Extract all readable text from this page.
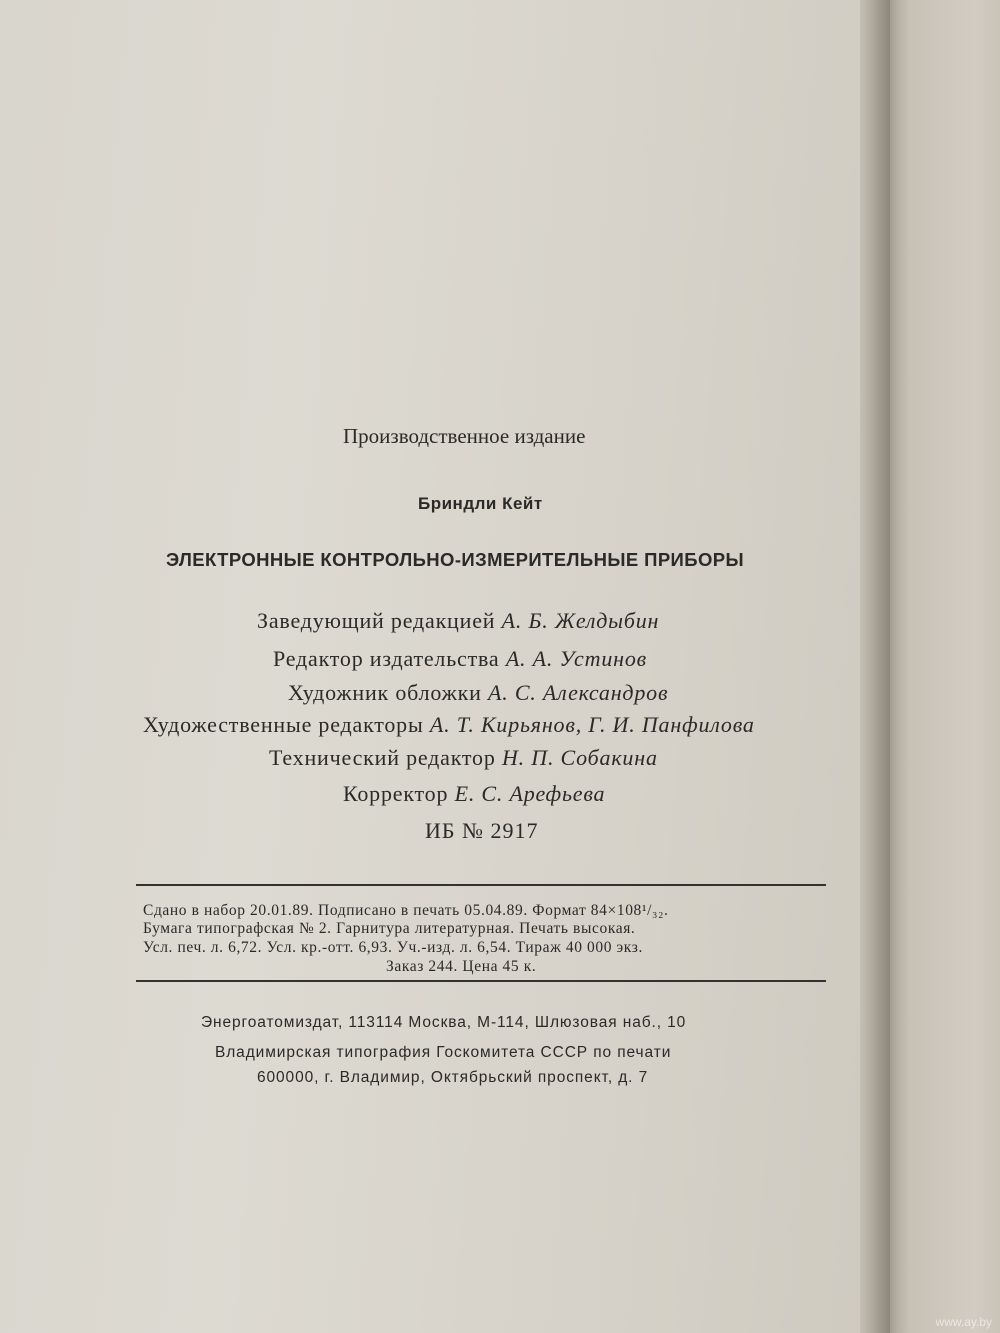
Производственное издание

Бриндли Кейт

ЭЛЕКТРОННЫЕ КОНТРОЛЬНО-ИЗМЕРИТЕЛЬНЫЕ ПРИБОРЫ

Заведующий редакцией А. Б. Желдыбин

Редактор издательства А. А. Устинов

Художник обложки А. С. Александров

Художественные редакторы А. Т. Кирьянов, Г. И. Панфилова

Технический редактор Н. П. Собакина

Корректор Е. С. Арефьева

ИБ № 2917

Сдано в набор 20.01.89. Подписано в печать 05.04.89. Формат 84×108¹/₃₂.

Бумага типографская № 2. Гарнитура литературная. Печать высокая.

Усл. печ. л. 6,72. Усл. кр.-отт. 6,93. Уч.-изд. л. 6,54. Тираж 40 000 экз.

Заказ 244. Цена 45 к.

Энергоатомиздат, 113114 Москва, М-114, Шлюзовая наб., 10

Владимирская типография Госкомитета СССР по печати

600000, г. Владимир, Октябрьский проспект, д. 7

www.ay.by
